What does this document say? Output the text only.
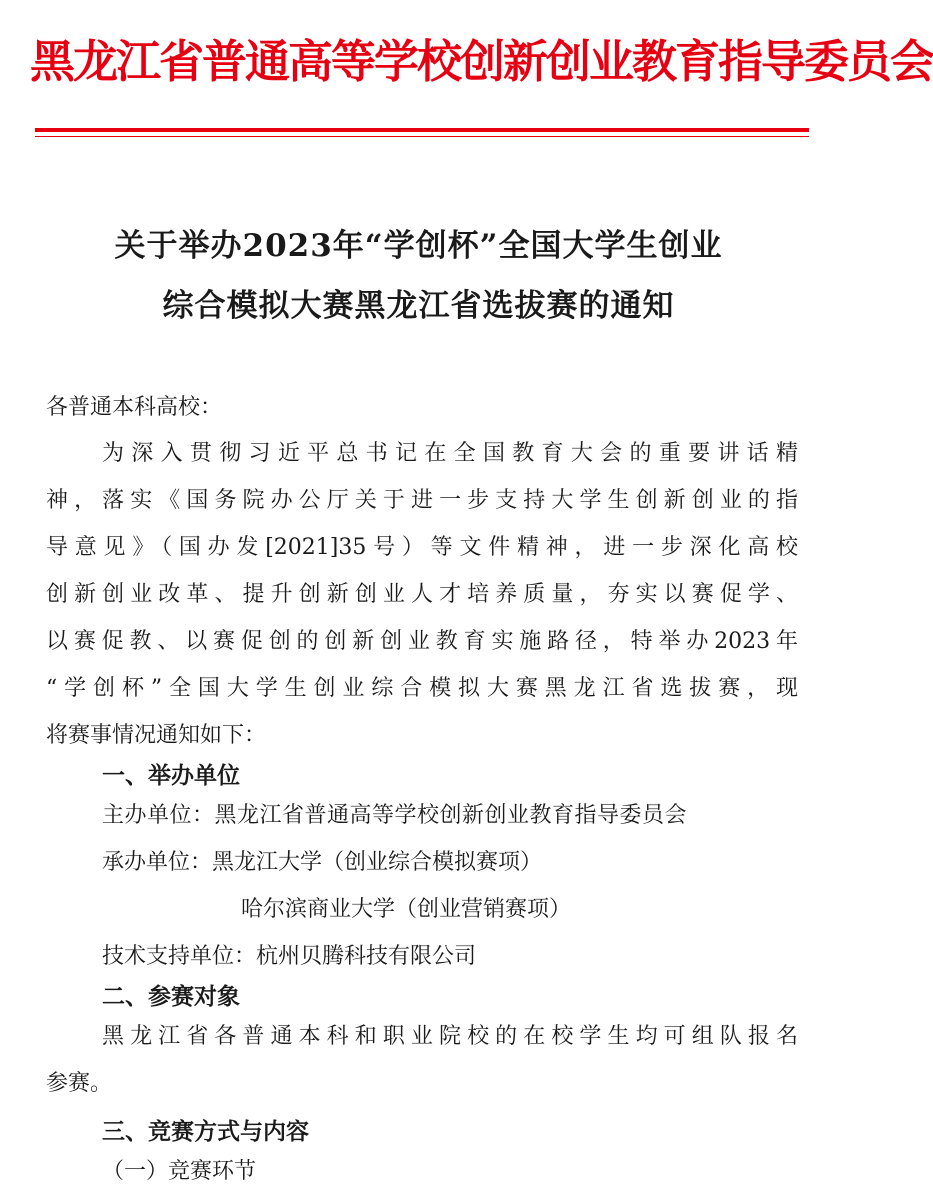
黑龙江省普通高等学校创新创业教育指导委员会
关于举办2023年“学创杯”全国大学生创业
综合模拟大赛黑龙江省选拔赛的通知
各普通本科高校：
为深入贯彻习近平总书记在全国教育大会的重要讲话精
神，落实《国务院办公厅关于进一步支持大学生创新创业的指
导意见》（国办发[2021]35号）等文件精神，进一步深化高校
创新创业改革、提升创新创业人才培养质量，夯实以赛促学、
以赛促教、以赛促创的创新创业教育实施路径，特举办2023年
“学创杯”全国大学生创业综合模拟大赛黑龙江省选拔赛，现
将赛事情况通知如下：
一、举办单位
主办单位：黑龙江省普通高等学校创新创业教育指导委员会
承办单位：黑龙江大学（创业综合模拟赛项）
哈尔滨商业大学（创业营销赛项）
技术支持单位：杭州贝腾科技有限公司
二、参赛对象
黑龙江省各普通本科和职业院校的在校学生均可组队报名
参赛。
三、竞赛方式与内容
（一）竞赛环节
